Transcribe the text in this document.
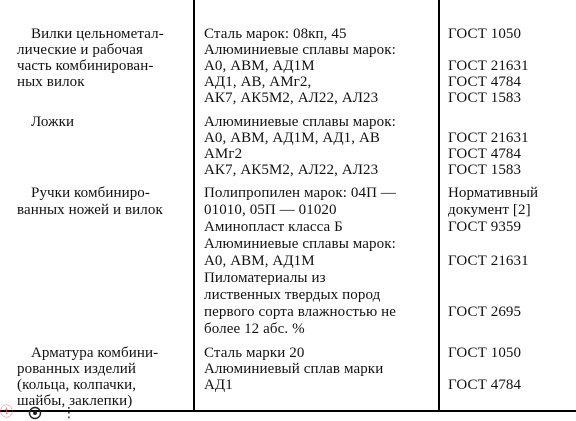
Вилки цельнометал-
лические и рабочая
часть комбинирован-
ных вилок
Сталь марок: 08кп, 45
Алюминиевые сплавы марок:
А0, АВМ, АД1М
АД1, АВ, АМг2,
АК7, АК5М2, АЛ22, АЛ23
ГОСТ 1050
ГОСТ 21631
ГОСТ 4784
ГОСТ 1583
Ложки	Алюминиевые сплавы марок:
А0, АВМ, АД1М, АД1, АВ
АМг2
АК7, АК5М2, АЛ22, АЛ23
ГОСТ 21631
ГОСТ 4784
ГОСТ 1583
Ручки комбиниро-
ванных ножей и вилок
Полипропилен марок: 04П —
01010, 05П — 01020
Аминопласт класса Б
Алюминиевые сплавы марок:
А0, АВМ, АД1М
Пиломатериалы из
лиственных твердых пород
первого сорта влажностью не
более 12 абс. %
Нормативный
документ [2]
ГОСТ 9359
ГОСТ 21631
ГОСТ 2695
Арматура комбини-
рованных изделий
(кольца, колпачки,
шайбы, заклепки)
Сталь марки 20
Алюминиевый сплав марки
АД1
ГОСТ 1050
ГОСТ 4784
ⓣ	⋮
